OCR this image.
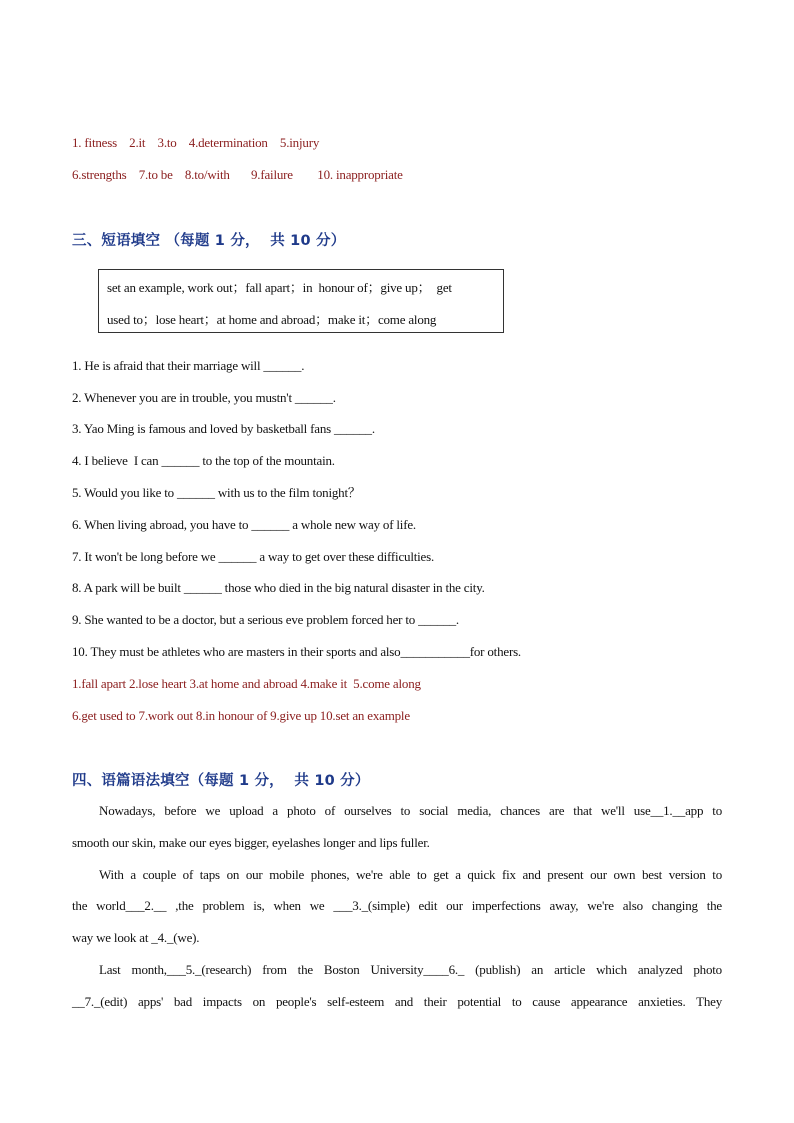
1. fitness    2.it    3.to    4.determination    5.injury
6.strengths    7.to be    8.to/with       9.failure        10. inappropriate
三、短语填空 （每题 1 分，  共 10 分）
set an example, work out；fall apart；in  honour of；give up；  get
used to；lose heart；at home and abroad；make it；come along
1. He is afraid that their marriage will ______.
2. Whenever you are in trouble, you mustn't ______.
3. Yao Ming is famous and loved by basketball fans ______.
4. I believe  I can ______ to the top of the mountain.
5. Would you like to ______ with us to the film tonight？
6. When living abroad, you have to ______ a whole new way of life.
7. It won't be long before we ______ a way to get over these difficulties.
8. A park will be built ______ those who died in the big natural disaster in the city.
9. She wanted to be a doctor, but a serious eve problem forced her to ______.
10. They must be athletes who are masters in their sports and also___________for others.
1.fall apart 2.lose heart 3.at home and abroad 4.make it  5.come along
6.get used to 7.work out 8.in honour of 9.give up 10.set an example
四、语篇语法填空（每题 1 分，  共 10 分）
Nowadays, before we upload a photo of ourselves to social media, chances are that we'll use__1.__app to
smooth our skin, make our eyes bigger, eyelashes longer and lips fuller.
With a couple of taps on our mobile phones, we're able to get a quick fix and present our own best version to
the world___2.__ ,the problem is, when we ___3._(simple) edit our imperfections away, we're also changing the
way we look at _4._(we).
Last month,___5._(research) from the Boston University____6._ (publish) an article which analyzed photo
__7._(edit) apps' bad impacts on people's self-esteem and their potential to cause appearance anxieties. They
